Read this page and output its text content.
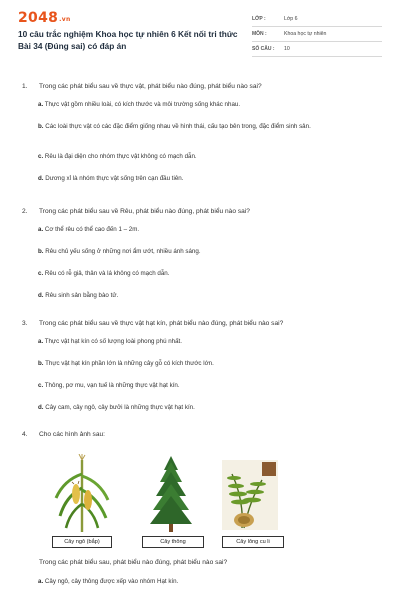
2048.vn
10 câu trắc nghiệm Khoa học tự nhiên 6 Kết nối tri thức Bài 34 (Đúng sai) có đáp án
LỚP :	Lớp 6
MÔN :	Khoa học tự nhiên
SỐ CÂU :	10
1.	Trong các phát biểu sau về thực vật, phát biểu nào đúng, phát biểu nào sai?
a. Thực vật gồm nhiều loài, có kích thước và môi trường sống khác nhau.
b. Các loài thực vật có các đặc điểm giống nhau về hình thái, cấu tạo bên trong, đặc điểm sinh sản.
c. Rêu là đại diện cho nhóm thực vật không có mạch dẫn.
d. Dương xỉ là nhóm thực vật sống trên cạn đầu tiên.
2.	Trong các phát biểu sau về Rêu, phát biểu nào đúng, phát biểu nào sai?
a. Cơ thể rêu có thể cao đến 1 – 2m.
b. Rêu chủ yếu sống ở những nơi ẩm ướt, nhiều ánh sáng.
c. Rêu có rễ giả, thân và lá không có mạch dẫn.
d. Rêu sinh sản bằng bào tử.
3.	Trong các phát biểu sau về thực vật hạt kín, phát biểu nào đúng, phát biểu nào sai?
a. Thực vật hạt kín có số lượng loài phong phú nhất.
b. Thực vật hạt kín phần lớn là những cây gỗ có kích thước lớn.
c. Thông, pơ mu, vạn tuế là những thực vật hạt kín.
d. Cây cam, cây ngô, cây bưởi là những thực vật hạt kín.
4.	Cho các hình ảnh sau:
Cây ngô (bắp)	Cây thông	Cây lông cu li
Trong các phát biểu sau, phát biểu nào đúng, phát biểu nào sai?
a. Cây ngô, cây thông được xếp vào nhóm Hạt kín.
